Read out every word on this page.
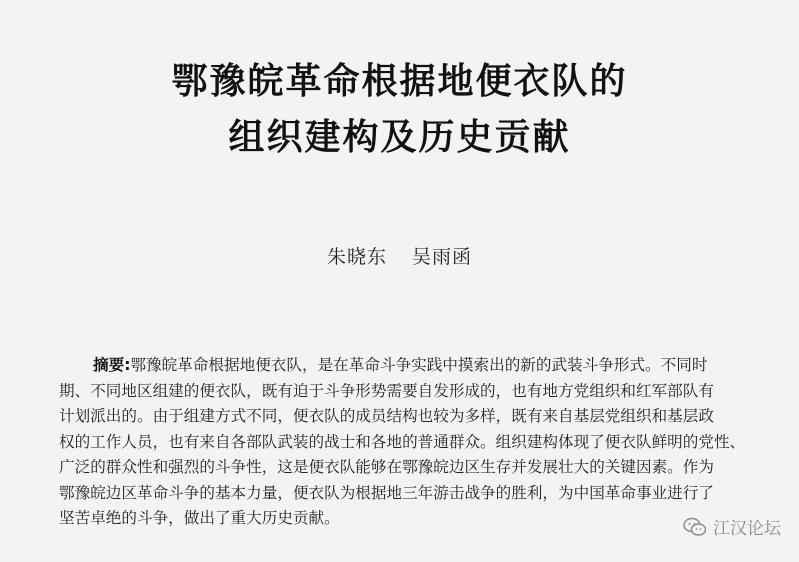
鄂豫皖革命根据地便衣队的
组织建构及历史贡献
朱晓东 吴雨函
摘要:鄂豫皖革命根据地便衣队，是在革命斗争实践中摸索出的新的武装斗争形式。不同时
期、不同地区组建的便衣队，既有迫于斗争形势需要自发形成的，也有地方党组织和红军部队有
计划派出的。由于组建方式不同，便衣队的成员结构也较为多样，既有来自基层党组织和基层政
权的工作人员，也有来自各部队武装的战士和各地的普通群众。组织建构体现了便衣队鲜明的党性、
广泛的群众性和强烈的斗争性，这是便衣队能够在鄂豫皖边区生存并发展壮大的关键因素。作为
鄂豫皖边区革命斗争的基本力量，便衣队为根据地三年游击战争的胜利，为中国革命事业进行了
坚苦卓绝的斗争，做出了重大历史贡献。
江汉论坛
